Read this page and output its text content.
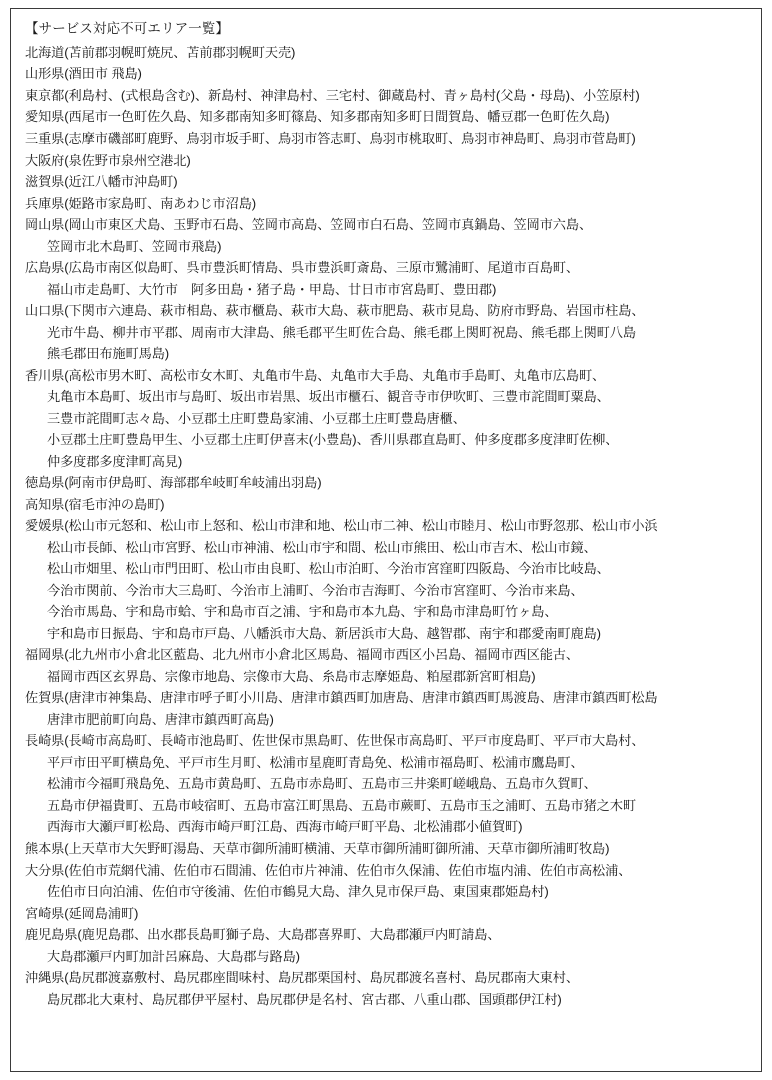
【サービス対応不可エリア一覧】
北海道(苫前郡羽幌町焼尻、苫前郡羽幌町天売)
山形県(酒田市 飛島)
東京都(利島村、(式根島含む)、新島村、神津島村、三宅村、御蔵島村、青ヶ島村(父島・母島)、小笠原村)
愛知県(西尾市一色町佐久島、知多郡南知多町篠島、知多郡南知多町日間賀島、幡豆郡一色町佐久島)
三重県(志摩市磯部町鹿野、鳥羽市坂手町、鳥羽市答志町、鳥羽市桃取町、鳥羽市神島町、鳥羽市菅島町)
大阪府(泉佐野市泉州空港北)
滋賀県(近江八幡市沖島町)
兵庫県(姫路市家島町、南あわじ市沼島)
岡山県(岡山市東区犬島、玉野市石島、笠岡市高島、笠岡市白石島、笠岡市真鍋島、笠岡市六島、
笠岡市北木島町、笠岡市飛島)
広島県(広島市南区似島町、呉市豊浜町情島、呉市豊浜町斎島、三原市鷺浦町、尾道市百島町、
福山市走島町、大竹市　阿多田島・猪子島・甲島、廿日市市宮島町、豊田郡)
山口県(下関市六連島、萩市相島、萩市櫃島、萩市大島、萩市肥島、萩市見島、防府市野島、岩国市柱島、
光市牛島、柳井市平郡、周南市大津島、熊毛郡平生町佐合島、熊毛郡上関町祝島、熊毛郡上関町八島
熊毛郡田布施町馬島)
香川県(高松市男木町、高松市女木町、丸亀市牛島、丸亀市大手島、丸亀市手島町、丸亀市広島町、
丸亀市本島町、坂出市与島町、坂出市岩黒、坂出市櫃石、観音寺市伊吹町、三豊市詫間町粟島、
三豊市詫間町志々島、小豆郡土庄町豊島家浦、小豆郡土庄町豊島唐櫃、
小豆郡土庄町豊島甲生、小豆郡土庄町伊喜末(小豊島)、香川県郡直島町、仲多度郡多度津町佐柳、
仲多度郡多度津町高見)
徳島県(阿南市伊島町、海部郡牟岐町牟岐浦出羽島)
高知県(宿毛市沖の島町)
愛媛県(松山市元怒和、松山市上怒和、松山市津和地、松山市二神、松山市睦月、松山市野忽那、松山市小浜
松山市長師、松山市宮野、松山市神浦、松山市宇和間、松山市熊田、松山市吉木、松山市鏡、
松山市畑里、松山市門田町、松山市由良町、松山市泊町、今治市宮窪町四阪島、今治市比岐島、
今治市関前、今治市大三島町、今治市上浦町、今治市吉海町、今治市宮窪町、今治市来島、
今治市馬島、宇和島市蛤、宇和島市百之浦、宇和島市本九島、宇和島市津島町竹ヶ島、
宇和島市日振島、宇和島市戸島、八幡浜市大島、新居浜市大島、越智郡、南宇和郡愛南町鹿島)
福岡県(北九州市小倉北区藍島、北九州市小倉北区馬島、福岡市西区小呂島、福岡市西区能古、
福岡市西区玄界島、宗像市地島、宗像市大島、糸島市志摩姫島、粕屋郡新宮町相島)
佐賀県(唐津市神集島、唐津市呼子町小川島、唐津市鎮西町加唐島、唐津市鎮西町馬渡島、唐津市鎮西町松島
唐津市肥前町向島、唐津市鎮西町高島)
長崎県(長崎市高島町、長崎市池島町、佐世保市黒島町、佐世保市高島町、平戸市度島町、平戸市大島村、
平戸市田平町横島免、平戸市生月町、松浦市星鹿町青島免、松浦市福島町、松浦市鷹島町、
松浦市今福町飛島免、五島市黄島町、五島市赤島町、五島市三井楽町嵯峨島、五島市久賀町、
五島市伊福貴町、五島市岐宿町、五島市富江町黒島、五島市蕨町、五島市玉之浦町、五島市猪之木町
西海市大瀬戸町松島、西海市崎戸町江島、西海市崎戸町平島、北松浦郡小値賀町)
熊本県(上天草市大矢野町湯島、天草市御所浦町横浦、天草市御所浦町御所浦、天草市御所浦町牧島)
大分県(佐伯市荒網代浦、佐伯市石間浦、佐伯市片神浦、佐伯市久保浦、佐伯市塩内浦、佐伯市高松浦、
佐伯市日向泊浦、佐伯市守後浦、佐伯市鶴見大島、津久見市保戸島、東国東郡姫島村)
宮崎県(延岡島浦町)
鹿児島県(鹿児島郡、出水郡長島町獅子島、大島郡喜界町、大島郡瀬戸内町請島、
大島郡瀬戸内町加計呂麻島、大島郡与路島)
沖縄県(島尻郡渡嘉敷村、島尻郡座間味村、島尻郡栗国村、島尻郡渡名喜村、島尻郡南大東村、
島尻郡北大東村、島尻郡伊平屋村、島尻郡伊是名村、宮古郡、八重山郡、国頭郡伊江村)
